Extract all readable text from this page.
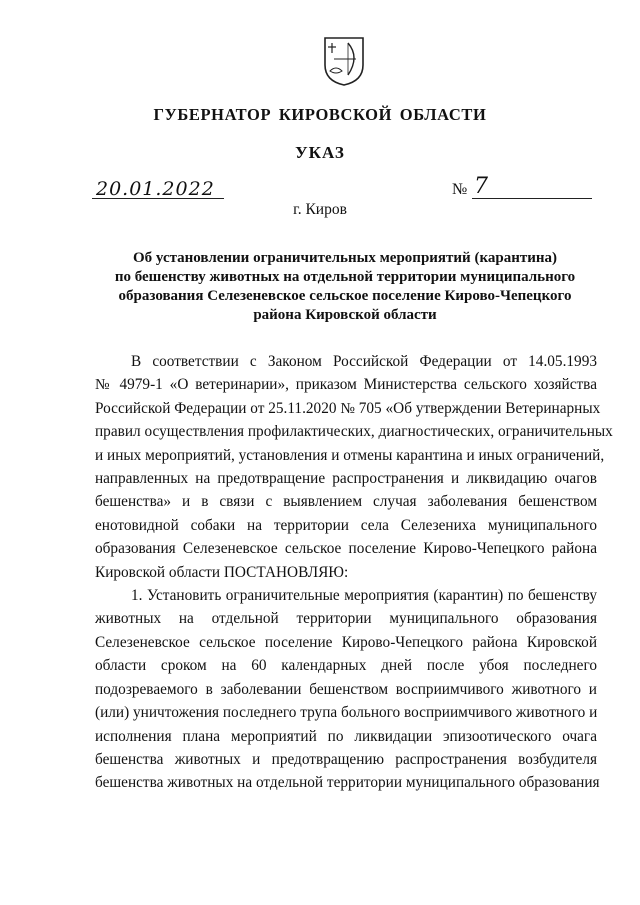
ГУБЕРНАТОР КИРОВСКОЙ ОБЛАСТИ
УКАЗ
20.01.2022	№ 7
г. Киров
Об установлении ограничительных мероприятий (карантина)
по бешенству животных на отдельной территории муниципального
образования Селезеневское сельское поселение Кирово-Чепецкого
района Кировской области
В соответствии с Законом Российской Федерации от 14.05.1993
№ 4979-1 «О ветеринарии», приказом Министерства сельского хозяйства
Российской Федерации от 25.11.2020 № 705 «Об утверждении Ветеринарных
правил осуществления профилактических, диагностических, ограничительных
и иных мероприятий, установления и отмены карантина и иных ограничений,
направленных на предотвращение распространения и ликвидацию очагов
бешенства» и в связи с выявлением случая заболевания бешенством
енотовидной собаки на территории села Селезениха муниципального
образования Селезеневское сельское поселение Кирово-Чепецкого района
Кировской области ПОСТАНОВЛЯЮ:
1. Установить ограничительные мероприятия (карантин) по бешенству
животных на отдельной территории муниципального образования
Селезеневское сельское поселение Кирово-Чепецкого района Кировской
области сроком на 60 календарных дней после убоя последнего
подозреваемого в заболевании бешенством восприимчивого животного и
(или) уничтожения последнего трупа больного восприимчивого животного и
исполнения плана мероприятий по ликвидации эпизоотического очага
бешенства животных и предотвращению распространения возбудителя
бешенства животных на отдельной территории муниципального образования
